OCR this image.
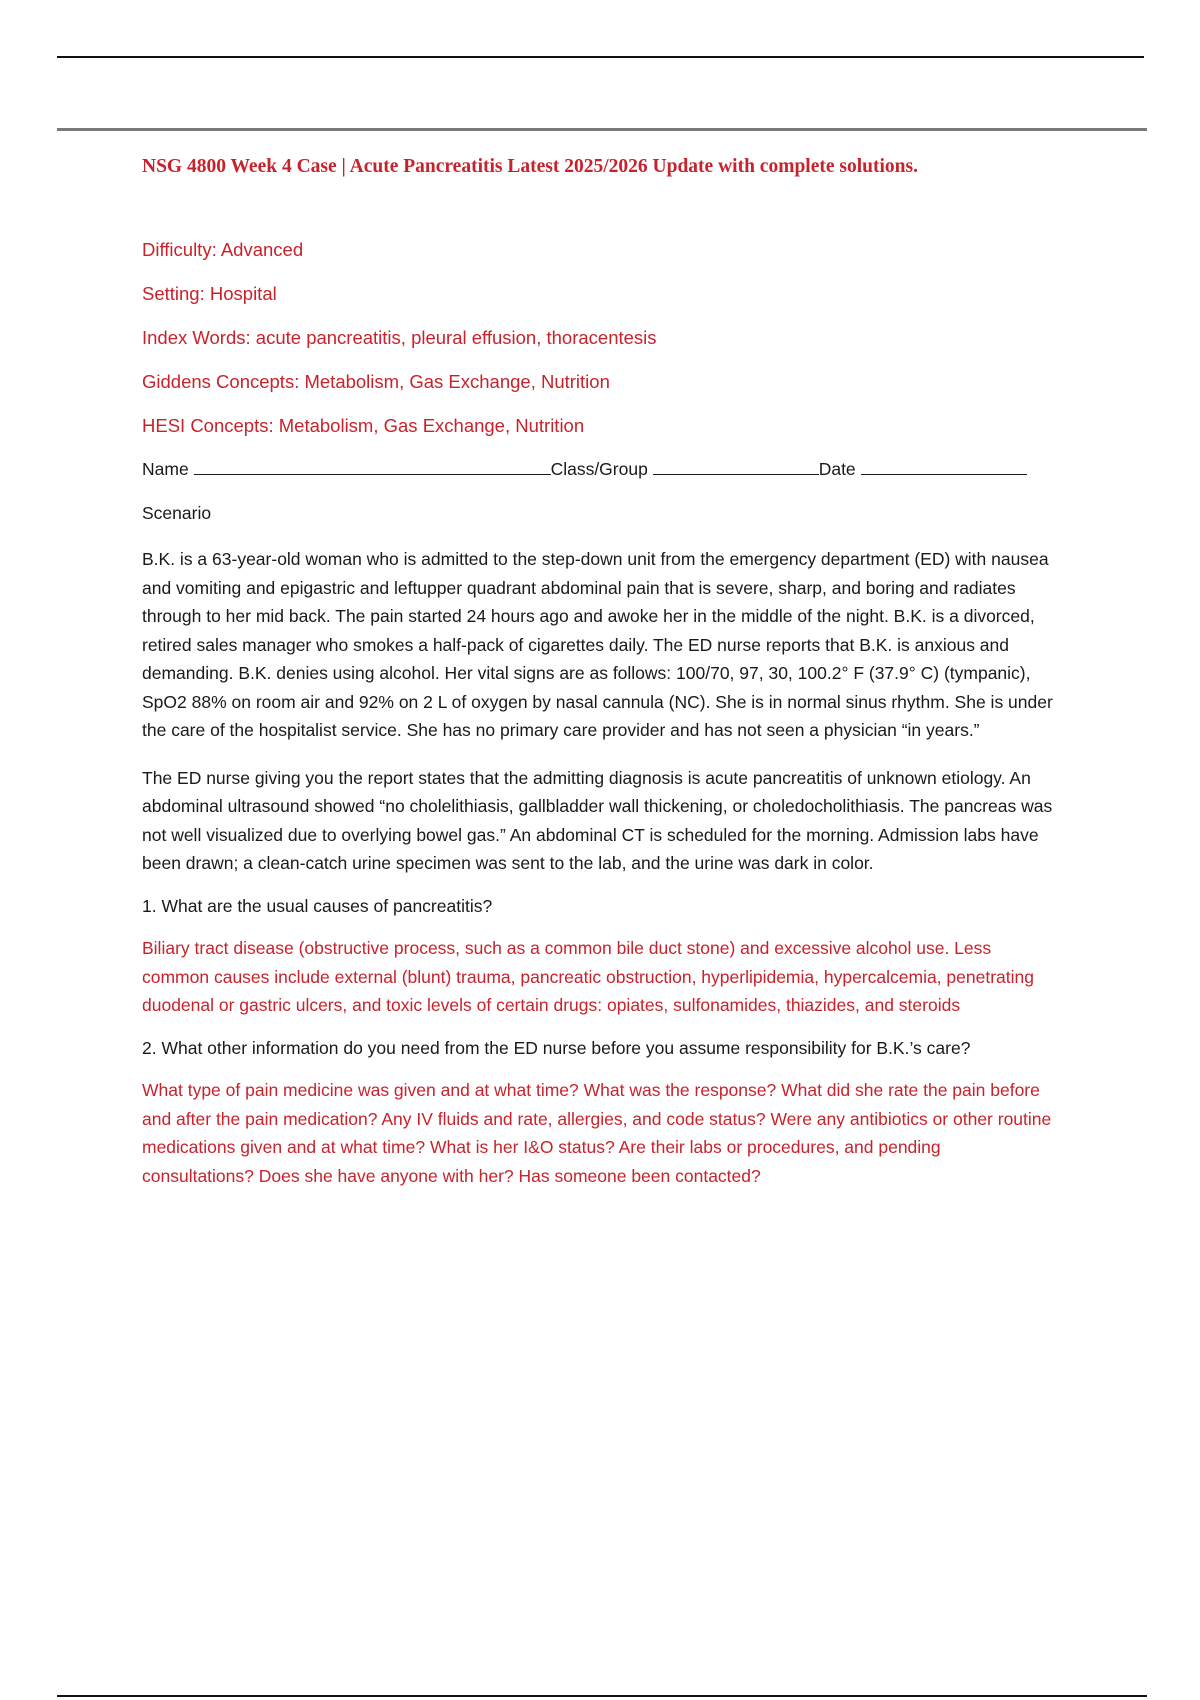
NSG 4800 Week 4 Case | Acute Pancreatitis Latest 2025/2026 Update with complete solutions.

Difficulty: Advanced

Setting: Hospital

Index Words: acute pancreatitis, pleural effusion, thoracentesis

Giddens Concepts: Metabolism, Gas Exchange, Nutrition

HESI Concepts: Metabolism, Gas Exchange, Nutrition

Name	Class/Group	Date

Scenario

B.K. is a 63-year-old woman who is admitted to the step-down unit from the emergency department (ED) with nausea and vomiting and epigastric and leftupper quadrant abdominal pain that is severe, sharp, and boring and radiates through to her mid back. The pain started 24 hours ago and awoke her in the middle of the night. B.K. is a divorced, retired sales manager who smokes a half-pack of cigarettes daily. The ED nurse reports that B.K. is anxious and demanding. B.K. denies using alcohol. Her vital signs are as follows: 100/70, 97, 30, 100.2° F (37.9° C) (tympanic), SpO2 88% on room air and 92% on 2 L of oxygen by nasal cannula (NC). She is in normal sinus rhythm. She is under the care of the hospitalist service. She has no primary care provider and has not seen a physician “in years.”

The ED nurse giving you the report states that the admitting diagnosis is acute pancreatitis of unknown etiology. An abdominal ultrasound showed “no cholelithiasis, gallbladder wall thickening, or choledocholithiasis. The pancreas was not well visualized due to overlying bowel gas.” An abdominal CT is scheduled for the morning. Admission labs have been drawn; a clean-catch urine specimen was sent to the lab, and the urine was dark in color.

1. What are the usual causes of pancreatitis?

Biliary tract disease (obstructive process, such as a common bile duct stone) and excessive alcohol use. Less common causes include external (blunt) trauma, pancreatic obstruction, hyperlipidemia, hypercalcemia, penetrating duodenal or gastric ulcers, and toxic levels of certain drugs: opiates, sulfonamides, thiazides, and steroids

2. What other information do you need from the ED nurse before you assume responsibility for B.K.’s care?

What type of pain medicine was given and at what time? What was the response? What did she rate the pain before and after the pain medication? Any IV fluids and rate, allergies, and code status? Were any antibiotics or other routine medications given and at what time? What is her I&O status? Are their labs or procedures, and pending consultations? Does she have anyone with her? Has someone been contacted?
